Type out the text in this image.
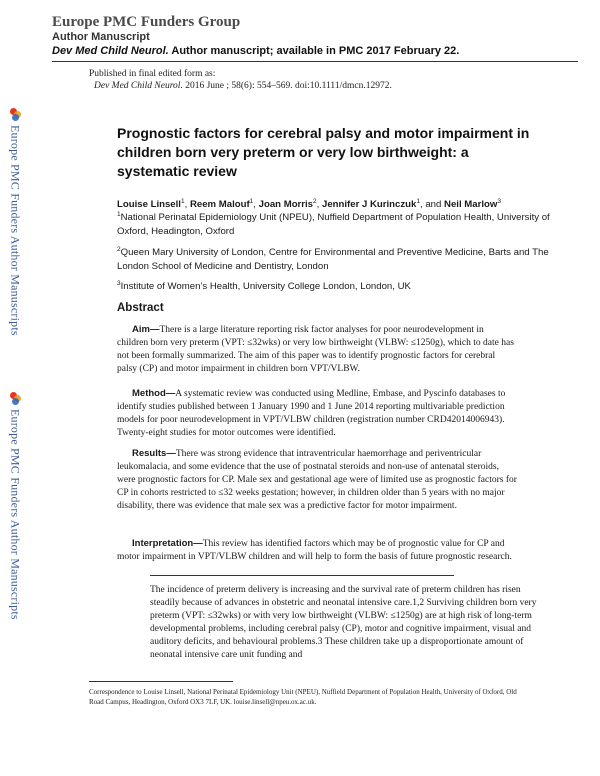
Europe PMC Funders Group
Author Manuscript
Dev Med Child Neurol. Author manuscript; available in PMC 2017 February 22.
Published in final edited form as:
Dev Med Child Neurol. 2016 June ; 58(6): 554–569. doi:10.1111/dmcn.12972.
Europe PMC Funders Author Manuscripts
Europe PMC Funders Author Manuscripts
Prognostic factors for cerebral palsy and motor impairment in children born very preterm or very low birthweight: a systematic review
Louise Linsell$^1$, Reem Malouf$^1$, Joan Morris$^2$, Jennifer J Kurinczuk$^1$, and Neil Marlow$^3$
$^1$National Perinatal Epidemiology Unit (NPEU), Nuffield Department of Population Health, University of Oxford, Headington, Oxford
$^2$Queen Mary University of London, Centre for Environmental and Preventive Medicine, Barts and The London School of Medicine and Dentistry, London
$^3$Institute of Women’s Health, University College London, London, UK
Abstract
Aim—There is a large literature reporting risk factor analyses for poor neurodevelopment in children born very preterm (VPT: ≤32wks) or very low birthweight (VLBW: ≤1250g), which to date has not been formally summarized. The aim of this paper was to identify prognostic factors for cerebral palsy (CP) and motor impairment in children born VPT/VLBW.
Method—A systematic review was conducted using Medline, Embase, and Pyscinfo databases to identify studies published between 1 January 1990 and 1 June 2014 reporting multivariable prediction models for poor neurodevelopment in VPT/VLBW children (registration number CRD42014006943). Twenty-eight studies for motor outcomes were identified.
Results—There was strong evidence that intraventricular haemorrhage and periventricular leukomalacia, and some evidence that the use of postnatal steroids and non-use of antenatal steroids, were prognostic factors for CP. Male sex and gestational age were of limited use as prognostic factors for CP in cohorts restricted to ≤32 weeks gestation; however, in children older than 5 years with no major disability, there was evidence that male sex was a predictive factor for motor impairment.
Interpretation—This review has identified factors which may be of prognostic value for CP and motor impairment in VPT/VLBW children and will help to form the basis of future prognostic research.
The incidence of preterm delivery is increasing and the survival rate of preterm children has risen steadily because of advances in obstetric and neonatal intensive care.1,2 Surviving children born very preterm (VPT: ≤32wks) or with very low birthweight (VLBW: ≤1250g) are at high risk of long-term developmental problems, including cerebral palsy (CP), motor and cognitive impairment, visual and auditory deficits, and behavioural problems.3 These children take up a disproportionate amount of neonatal intensive care unit funding and
Correspondence to Louise Linsell, National Perinatal Epidemiology Unit (NPEU), Nuffield Department of Population Health, University of Oxford, Old Road Campus, Headington, Oxford OX3 7LF, UK. louise.linsell@npeu.ox.ac.uk.
